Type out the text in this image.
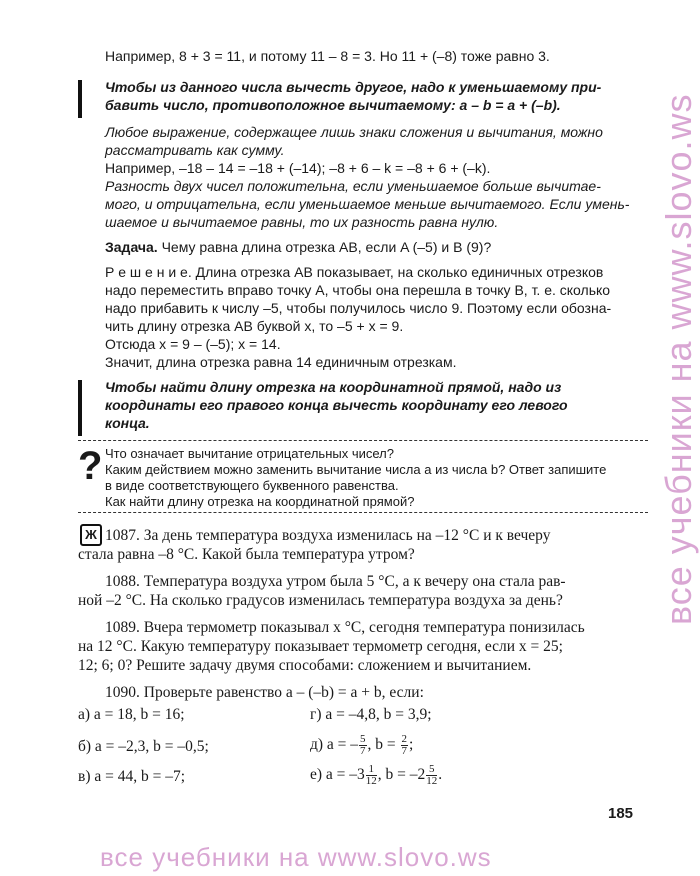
все учебники на www.slovo.ws
все учебники на www.slovo.ws
Например, 8 + 3 = 11, и потому 11 – 8 = 3. Но 11 + (–8) тоже равно 3.
Чтобы из данного числа вычесть другое, надо к уменьшаемому при-
бавить число, противоположное вычитаемому: a – b = a + (–b).
Любое выражение, содержащее лишь знаки сложения и вычитания, можно
рассматривать как сумму.
Например, –18 – 14 = –18 + (–14); –8 + 6 – k = –8 + 6 + (–k).
Разность двух чисел положительна, если уменьшаемое больше вычитае-
мого, и отрицательна, если уменьшаемое меньше вычитаемого. Если умень-
шаемое и вычитаемое равны, то их разность равна нулю.
Задача. Чему равна длина отрезка AB, если A (–5) и B (9)?
Р е ш е н и е. Длина отрезка AB показывает, на сколько единичных отрезков
надо переместить вправо точку A, чтобы она перешла в точку B, т. е. сколько
надо прибавить к числу –5, чтобы получилось число 9. Поэтому если обозна-
чить длину отрезка AB буквой x, то –5 + x = 9.
Отсюда x = 9 – (–5); x = 14.
Значит, длина отрезка равна 14 единичным отрезкам.
Чтобы найти длину отрезка на координатной прямой, надо из
координаты его правого конца вычесть координату его левого
конца.
? Что означает вычитание отрицательных чисел?
Каким действием можно заменить вычитание числа a из числа b? Ответ запишите
в виде соответствующего буквенного равенства.
Как найти длину отрезка на координатной прямой?
Ж 1087. За день температура воздуха изменилась на –12 °С и к вечеру
стала равна –8 °С. Какой была температура утром?
1088. Температура воздуха утром была 5 °С, а к вечеру она стала рав-
ной –2 °С. На сколько градусов изменилась температура воздуха за день?
1089. Вчера термометр показывал x °С, сегодня температура понизилась
на 12 °С. Какую температуру показывает термометр сегодня, если x = 25;
12; 6; 0? Решите задачу двумя способами: сложением и вычитанием.
1090. Проверьте равенство a – (–b) = a + b, если:
а) a = 18, b = 16;	г) a = –4,8, b = 3,9;
б) a = –2,3, b = –0,5;	д) a = – $\frac{5}{7}$ , $b = \frac{2}{7}$ ;
в) a = 44, b = –7;	е) $a = -3 \frac{1}{12}$ , $b = -2 \frac{5}{12}$ .
185
